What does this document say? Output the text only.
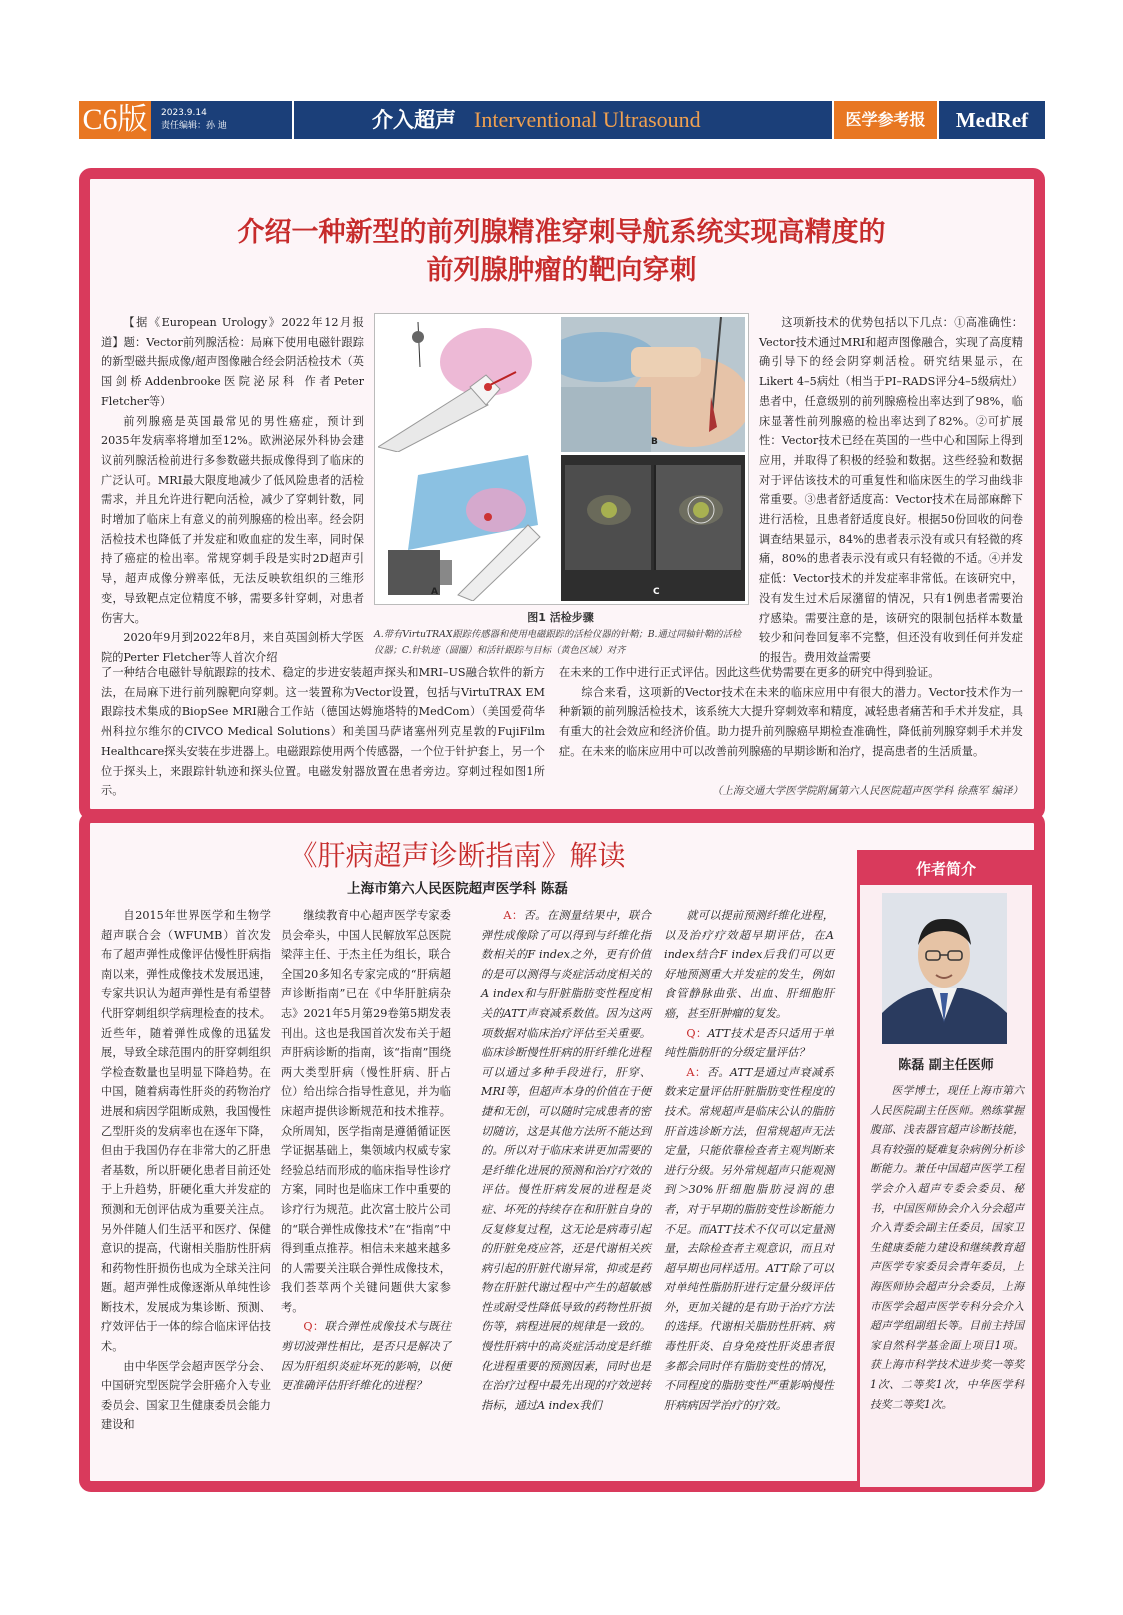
C6版	2023.9.14
责任编辑：孙 迪	介入超声 Interventional Ultrasound	医学参考报	MedRef
介绍一种新型的前列腺精准穿刺导航系统实现高精度的
前列腺肿瘤的靶向穿刺

【据《European Urology》2022年12月报道】题：Vector前列腺活检：局麻下使用电磁针跟踪的新型磁共振成像/超声图像融合经会阴活检技术（英国剑桥Addenbrooke医院泌尿科 作者Peter Fletcher等）

前列腺癌是英国最常见的男性癌症，预计到2035年发病率将增加至12%。欧洲泌尿外科协会建议前列腺活检前进行多参数磁共振成像得到了临床的广泛认可。MRI最大限度地减少了低风险患者的活检需求，并且允许进行靶向活检，减少了穿刺针数，同时增加了临床上有意义的前列腺癌的检出率。经会阴活检技术也降低了并发症和败血症的发生率，同时保持了癌症的检出率。常规穿刺手段是实时2D超声引导，超声成像分辨率低，无法反映软组织的三维形变，导致靶点定位精度不够，需要多针穿刺，对患者伤害大。

2020年9月到2022年8月，来自英国剑桥大学医院的Perter Fletcher等人首次介绍

B
A	C
图1 活检步骤
A.带有VirtuTRAX跟踪传感器和使用电磁跟踪的活检仪器的针鞘；B.通过同轴针鞘的活检仪器；C.针轨迹（圆圈）和活针跟踪与目标（黄色区域）对齐

这项新技术的优势包括以下几点：①高准确性：Vector技术通过MRI和超声图像融合，实现了高度精确引导下的经会阴穿刺活检。研究结果显示，在Likert 4–5病灶（相当于PI–RADS评分4–5级病灶）患者中，任意级别的前列腺癌检出率达到了98%，临床显著性前列腺癌的检出率达到了82%。②可扩展性：Vector技术已经在英国的一些中心和国际上得到应用，并取得了积极的经验和数据。这些经验和数据对于评估该技术的可重复性和临床医生的学习曲线非常重要。③患者舒适度高：Vector技术在局部麻醉下进行活检，且患者舒适度良好。根据50份回收的问卷调查结果显示，84%的患者表示没有或只有轻微的疼痛，80%的患者表示没有或只有轻微的不适。④并发症低：Vector技术的并发症率非常低。在该研究中，没有发生过术后尿潴留的情况，只有1例患者需要治疗感染。需要注意的是，该研究的限制包括样本数量较少和问卷回复率不完整，但还没有收到任何并发症的报告。费用效益需要

了一种结合电磁针导航跟踪的技术、稳定的步进安装超声探头和MRI–US融合软件的新方法，在局麻下进行前列腺靶向穿刺。这一装置称为Vector设置，包括与VirtuTRAX EM跟踪技术集成的BiopSee MRI融合工作站（德国达姆施塔特的MedCom）（美国爱荷华州科拉尔维尔的CIVCO Medical Solutions）和美国马萨诸塞州列克星敦的FujiFilm Healthcare探头安装在步进器上。电磁跟踪使用两个传感器，一个位于针护套上，另一个位于探头上，来跟踪针轨迹和探头位置。电磁发射器放置在患者旁边。穿刺过程如图1所示。

在未来的工作中进行正式评估。因此这些优势需要在更多的研究中得到验证。

综合来看，这项新的Vector技术在未来的临床应用中有很大的潜力。Vector技术作为一种新颖的前列腺活检技术，该系统大大提升穿刺效率和精度，减轻患者痛苦和手术并发症，具有重大的社会效应和经济价值。助力提升前列腺癌早期检查准确性，降低前列腺穿刺手术并发症。在未来的临床应用中可以改善前列腺癌的早期诊断和治疗，提高患者的生活质量。

（上海交通大学医学院附属第六人民医院超声医学科 徐燕军 编译）
《肝病超声诊断指南》解读
上海市第六人民医院超声医学科 陈磊

自2015年世界医学和生物学超声联合会（WFUMB）首次发布了超声弹性成像评估慢性肝病指南以来，弹性成像技术发展迅速，专家共识认为超声弹性是有希望替代肝穿刺组织学病理检查的技术。近些年，随着弹性成像的迅猛发展，导致全球范围内的肝穿刺组织学检查数量也呈明显下降趋势。在中国，随着病毒性肝炎的药物治疗进展和病因学阻断成熟，我国慢性乙型肝炎的发病率也在逐年下降，但由于我国仍存在非常大的乙肝患者基数，所以肝硬化患者目前还处于上升趋势，肝硬化重大并发症的预测和无创评估成为重要关注点。另外伴随人们生活平和医疗、保健意识的提高，代谢相关脂肪性肝病和药物性肝损伤也成为全球关注问题。超声弹性成像逐渐从单纯性诊断技术，发展成为集诊断、预测、疗效评估于一体的综合临床评估技术。

由中华医学会超声医学分会、中国研究型医院学会肝癌介入专业委员会、国家卫生健康委员会能力建设和

继续教育中心超声医学专家委员会牵头，中国人民解放军总医院梁萍主任、于杰主任为组长，联合全国20多知名专家完成的“肝病超声诊断指南”已在《中华肝脏病杂志》2021年5月第29卷第5期发表刊出。这也是我国首次发布关于超声肝病诊断的指南，该“指南”围绕两大类型肝病（慢性肝病、肝占位）给出综合指导性意见，并为临床超声提供诊断规范和技术推荐。众所周知，医学指南是遵循循证医学证据基础上，集领域内权威专家经验总结而形成的临床指导性诊疗方案，同时也是临床工作中重要的诊疗行为规范。此次富士胶片公司的“联合弹性成像技术”在“指南”中得到重点推荐。相信未来越来越多的人需要关注联合弹性成像技术，我们荟萃两个关键问题供大家参考。

Q：联合弹性成像技术与既往剪切波弹性相比，是否只是解决了因为肝组织炎症坏死的影响，以便更准确评估肝纤维化的进程？

A：否。在测量结果中，联合弹性成像除了可以得到与纤维化指数相关的F index之外，更有价值的是可以测得与炎症活动度相关的A index和与肝脏脂肪变性程度相关的ATT声衰减系数值。因为这两项数据对临床治疗评估至关重要。临床诊断慢性肝病的肝纤维化进程可以通过多种手段进行，肝穿、MRI等，但超声本身的价值在于便捷和无创，可以随时完成患者的密切随访，这是其他方法所不能达到的。所以对于临床来讲更加需要的是纤维化进展的预测和治疗疗效的评估。慢性肝病发展的进程是炎症、坏死的持续存在和肝脏自身的反复修复过程，这无论是病毒引起的肝脏免疫应答，还是代谢相关疾病引起的肝脏代谢异常，抑或是药物在肝脏代谢过程中产生的超敏感性或耐受性降低导致的药物性肝损伤等，病程进展的规律是一致的。慢性肝病中的高炎症活动度是纤维化进程重要的预测因素，同时也是在治疗过程中最先出现的疗效逆转指标，通过A index我们

就可以提前预测纤维化进程，以及治疗疗效超早期评估，在A index结合F index后我们可以更好地预测重大并发症的发生，例如食管静脉曲张、出血、肝细胞肝癌，甚至肝肿瘤的复发。

Q：ATT技术是否只适用于单纯性脂肪肝的分级定量评估？

A：否。ATT是通过声衰减系数来定量评估肝脏脂肪变性程度的技术。常规超声是临床公认的脂肪肝首选诊断方法，但常规超声无法定量，只能依靠检查者主观判断来进行分级。另外常规超声只能观测到＞30%肝细胞脂肪浸润的患者，对于早期的脂肪变性诊断能力不足。而ATT技术不仅可以定量测量，去除检查者主观意识，而且对超早期也同样适用。ATT除了可以对单纯性脂肪肝进行定量分级评估外，更加关键的是有助于治疗方法的选择。代谢相关脂肪性肝病、病毒性肝炎、自身免疫性肝炎患者很多都会同时伴有脂肪变性的情况，不同程度的脂肪变性严重影响慢性肝病病因学治疗的疗效。

作者简介
陈磊 副主任医师

医学博士，现任上海市第六人民医院副主任医师。熟练掌握腹部、浅表器官超声诊断技能，具有较强的疑难复杂病例分析诊断能力。兼任中国超声医学工程学会介入超声专委会委员、秘书，中国医师协会介入分会超声介入青委会副主任委员，国家卫生健康委能力建设和继续教育超声医学专家委员会青年委员，上海医师协会超声分会委员，上海市医学会超声医学专科分会介入超声学组副组长等。目前主持国家自然科学基金面上项目1项。获上海市科学技术进步奖一等奖1次、二等奖1次，中华医学科技奖二等奖1次。
